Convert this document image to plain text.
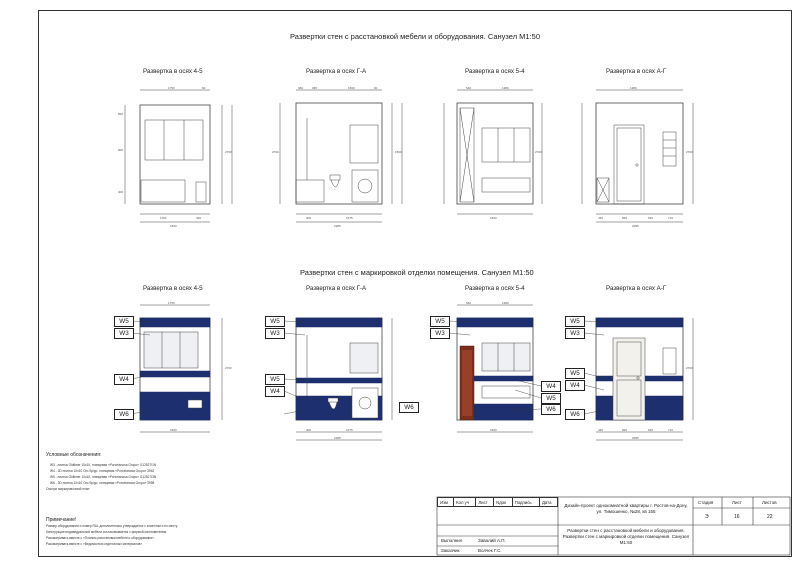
Развертки стен с расстановкой мебели и оборудования. Санузел М1:50
Развертки стен с маркировкой отделки помещения. Санузел М1:50
Развертка в осях 4-5	Развертка в осях Г-А	Развертка в осях 5-4	Развертка в осях А-Г
Развертка в осях 4-5	Развертка в осях Г-А	Развертка в осях 5-4	Развертка в осях А-Г
1750	60
1160	490
1500
820
900
400
2700
360	365	1500	60
406	1575
2385
2700	1500
540	1380
1500
2700
1380
435	825	625	710
2385
2700
1750
1500
2700
406	1575
2385
540	1380
1500	435	825	625	710
2385
2700
W5
W3
W4
W6
W5
W3
W5
W4
W6
W5
W3
W4
W5
W6
W5
W3
W5
W4
W6
Условные обозначения:
W3 - плитка Oldtimer 10х10, глянцевая «Porcelanosa Grupo» G12527I1N
W4 - 3D плитка 10х10 Oro Spigo, глянцевая «Porcelanosa Grupo» 3962
W5 - плитка Oldtimer 10х10, глянцевая «Porcelanosa Grupo» G12527I3N
W6 - 3D плитка 10х10 Oro Spigo, глянцевая «Porcelanosa Grupo» 3998
Смотри маркировочный план
Примечание!
Размер оборудования и номер RAL дополнительно утверждается с клиентом и по месту.
Конструкция индивидуальной мебели согласовывается с фирмой-изготовителем.
Рассматривать вместе с «Планом расстановки мебели и оборудования».
Рассматривать вместе с «Ведомостью отделочных материалов».
Изм	Кол уч	Лист	Nдок	Подпись	Дата
Дизайн-проект однокомнатной квартиры г. Ростов-на-Дону, ул. Тимошенко, №28, кв 155
Развертки стен с расстановкой мебели и оборудования. Развертки стен с маркировкой отделки помещения. Санузел М1:50
Стадия	Лист	Листов
Э	16	22
Выполнил	Завалий А.П.
Заказчик	Волчек Г.С.
